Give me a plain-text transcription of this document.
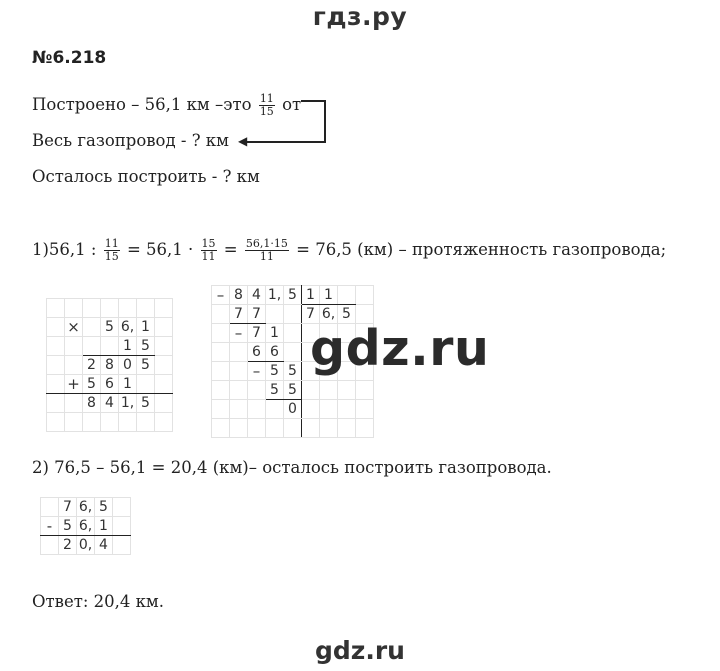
гдз.ру
№6.218
Построено – 56,1 км $-это \frac{11}{15}$ от
◀
Весь газопровод - ? км
Осталось построить - ? км
1)56,1 : $\frac{11}{15} = 56,1 \cdot \frac{15}{11} = \frac{56,1\cdot 15}{11} = 76,5$ (км) – протяженность газопровода;

	×		5	6,	1	
				1	5	
		2	8	0	5	
	+	5	6	1		
		8	4	1,	5	

–	8	4	1,	5	1	1		
	7	7			7	6,	5	
	–	7	1					
		6	6					
		–	5	5				
			5	5				
				0				

gdz.ru
2) 76,5 – 56,1 = 20,4 (км)– осталось построить газопровода.
	7	6,	5	
-	5	6,	1	
	2	0,	4	
Ответ: 20,4 км.
gdz.ru
